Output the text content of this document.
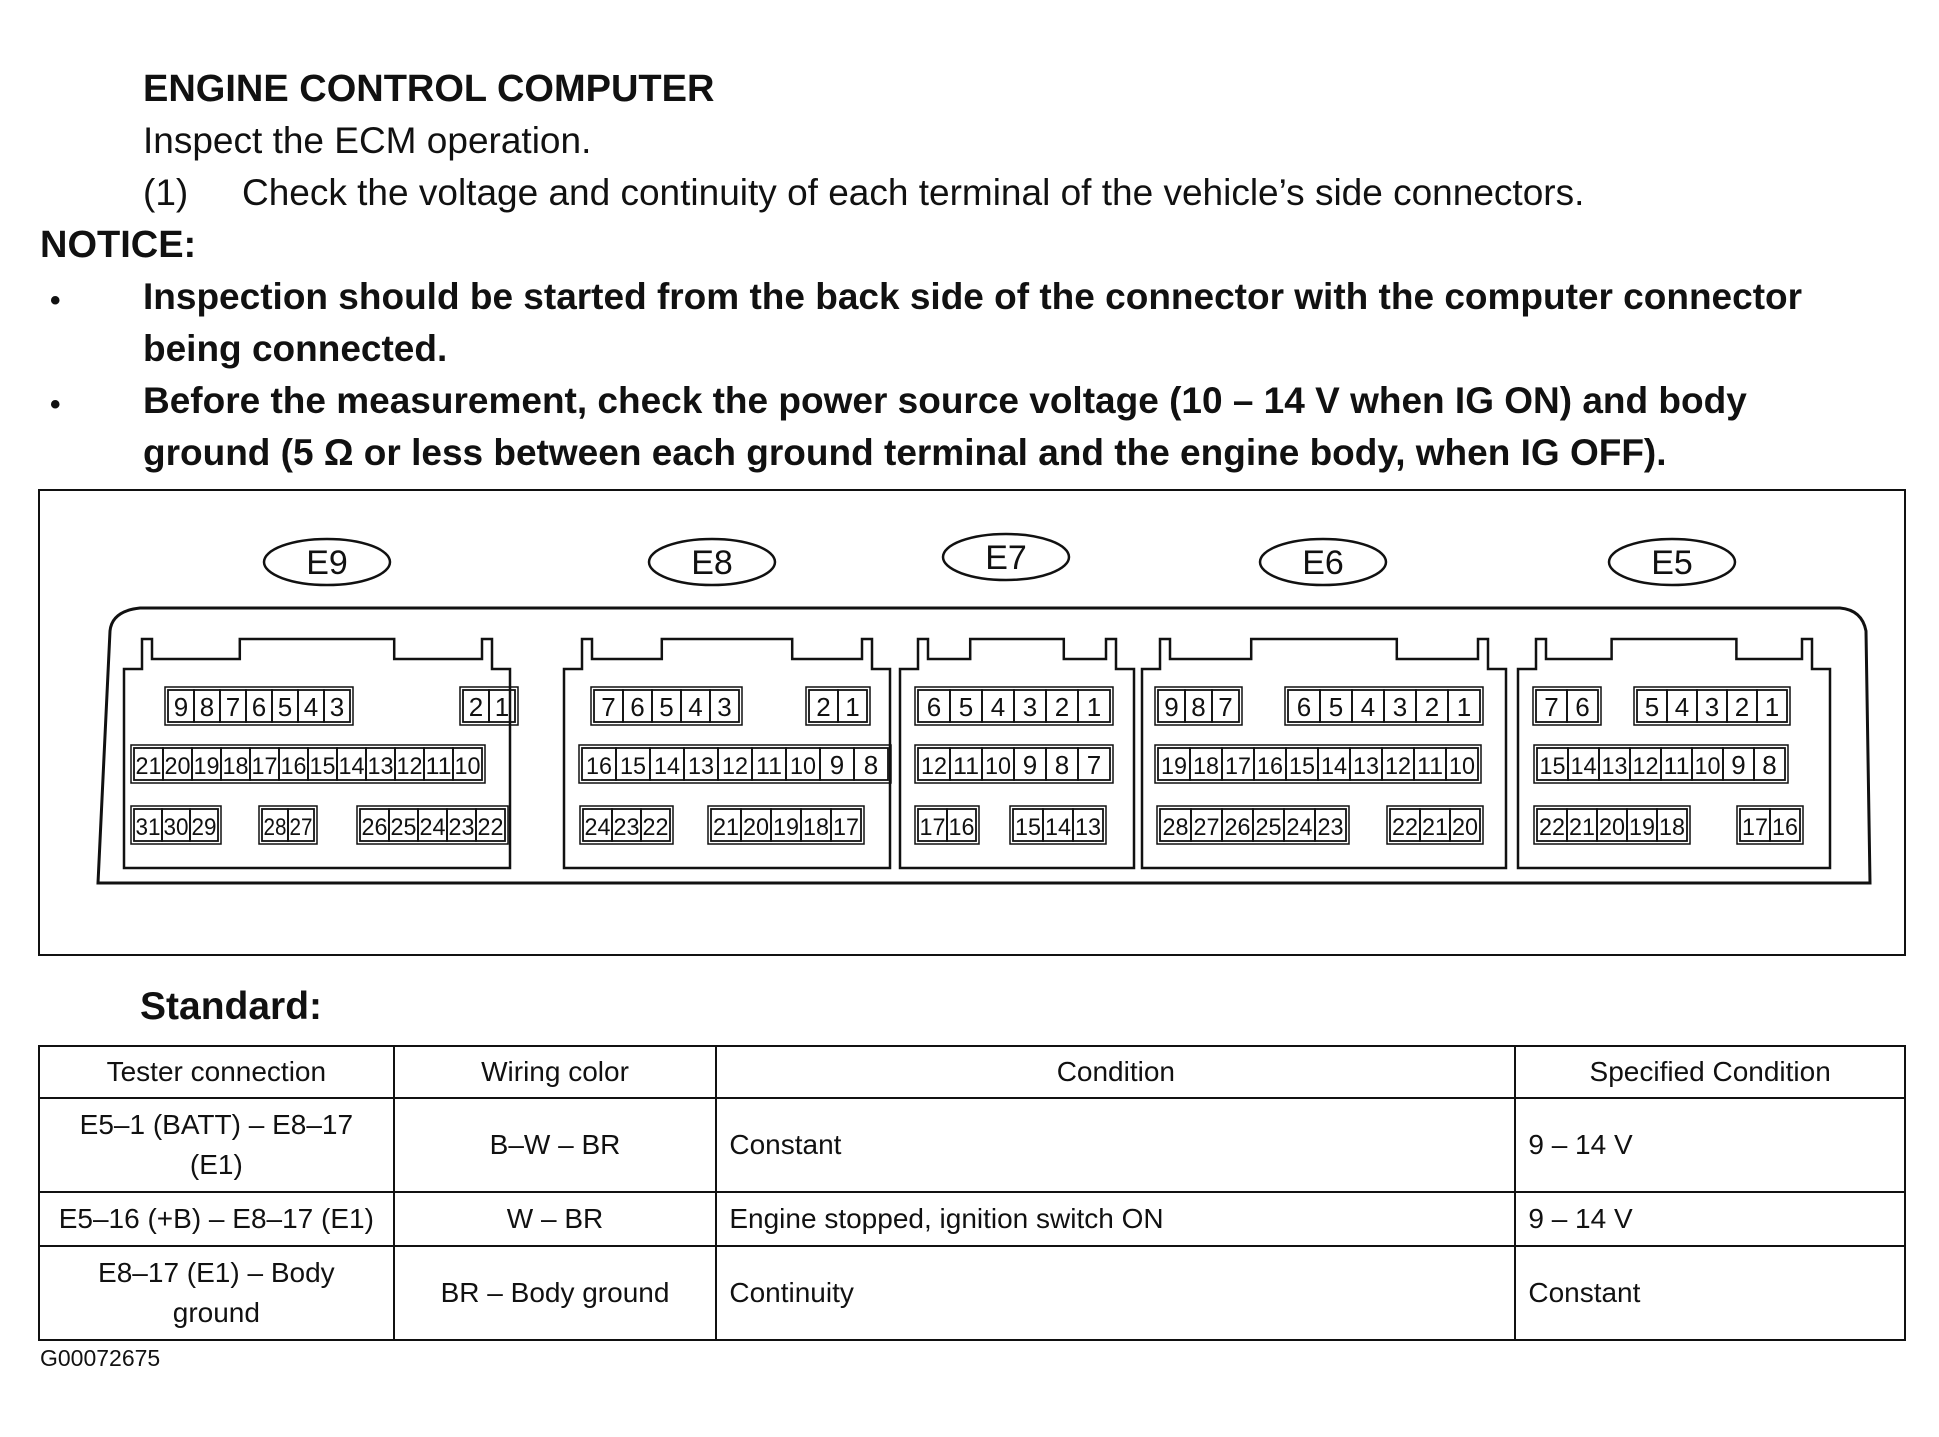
ENGINE CONTROL COMPUTER
Inspect the ECM operation.
(1) Check the voltage and continuity of each terminal of the vehicle’s side connectors.
NOTICE:
• Inspection should be started from the back side of the connector with the computer connector
being connected.
• Before the measurement, check the power source voltage (10 – 14 V when IG ON) and body
ground (5 Ω or less between each ground terminal and the engine body, when IG OFF).
E9
9 8 7 6 5 4 3	2 1
21 20 19 18 17 16 15 14 13 12 11 10
31 30 29 28 27 26 25 24 23 22
E8
7 6 5 4 3	2 1
16 15 14 13 12 11 10 9 8
24 23 22 21 20 19 18 17
E7
6 5 4 3 2 1
12 11 10 9 8 7
17 16 15 14 13
E6
9 8 7 6 5 4 3 2 1
19 18 17 16 15 14 13 12 11 10
28 27 26 25 24 23 22 21 20
E5
7 6 5 4 3 2 1
15 14 13 12 11 10 9 8
22 21 20 19 18 17 16
Standard:
Tester connection	Wiring color	Condition	Specified Condition

E5–1 (BATT) – E8–17
(E1)	B–W – BR	Constant	9 – 14 V

E5–16 (+B) – E8–17 (E1)	W – BR	Engine stopped, ignition switch ON	9 – 14 V

E8–17 (E1) – Body
ground	BR – Body ground	Continuity	Constant
G00072675
